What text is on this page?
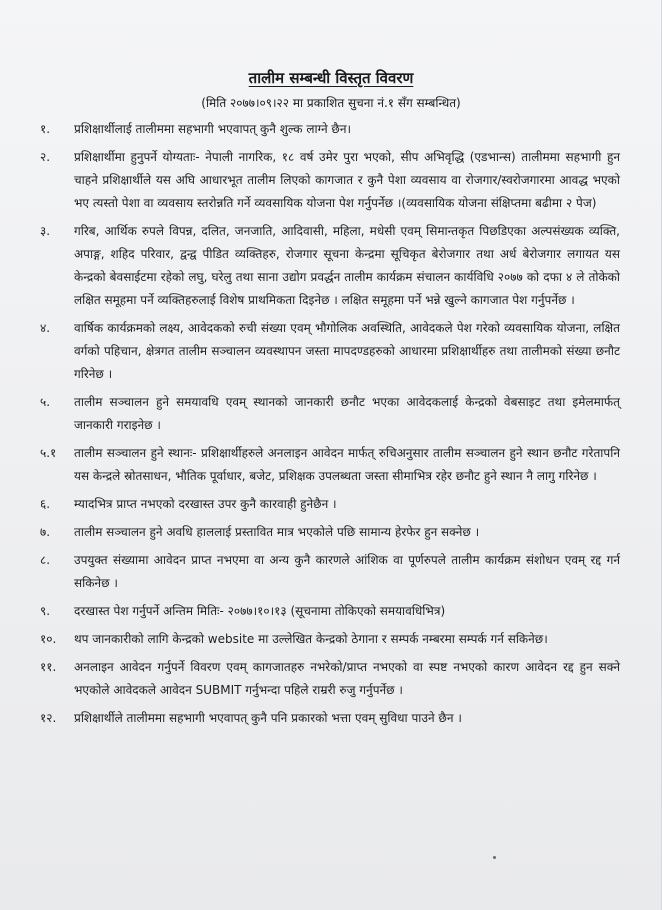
तालीम सम्बन्धी विस्तृत विवरण
(मिति २०७७।०९।२२ मा प्रकाशित सुचना नं.१ सँग सम्बन्धित)
१.	प्रशिक्षार्थीलाई तालीममा सहभागी भएवापत् कुनै शुल्क लाग्ने छैन।
२.	प्रशिक्षार्थीमा हुनुपर्ने योग्यताः- नेपाली नागरिक, १८ वर्ष उमेर पुरा भएको, सीप अभिवृद्धि (एडभान्स) तालीममा सहभागी हुन चाहने प्रशिक्षार्थीले यस अघि आधारभूत तालीम लिएको कागजात र कुनै पेशा व्यवसाय वा रोजगार/स्वरोजगारमा आवद्ध भएको भए त्यस्तो पेशा वा व्यवसाय स्तरोन्नति गर्ने व्यवसायिक योजना पेश गर्नुपर्नेछ ।(व्यवसायिक योजना संक्षिप्तमा बढीमा २ पेज)
३.	गरिब, आर्थिक रुपले विपन्न, दलित, जनजाति, आदिवासी, महिला, मधेसी एवम् सिमान्तकृत पिछडिएका अल्पसंख्यक व्यक्ति, अपाङ्ग, शहिद परिवार, द्वन्द्व पीडित व्यक्तिहरु, रोजगार सूचना केन्द्रमा सूचिकृत बेरोजगार तथा अर्ध बेरोजगार लगायत यस केन्द्रको बेवसाईटमा रहेको लघु, घरेलु तथा साना उद्योग प्रवर्द्धन तालीम कार्यक्रम संचालन कार्यविधि २०७७ को दफा ४ ले तोकेको लक्षित समूहमा पर्ने व्यक्तिहरुलाई विशेष प्राथमिकता दिइनेछ । लक्षित समूहमा पर्ने भन्ने खुल्ने कागजात पेश गर्नुपर्नेछ ।
४.	वार्षिक कार्यक्रमको लक्ष्य, आवेदकको रुची संख्या एवम् भौगोलिक अवस्थिति, आवेदकले पेश गरेको व्यवसायिक योजना, लक्षित वर्गको पहिचान, क्षेत्रगत तालीम सञ्चालन व्यवस्थापन जस्ता मापदण्डहरुको आधारमा प्रशिक्षार्थीहरु तथा तालीमको संख्या छनौट गरिनेछ ।
५.	तालीम सञ्चालन हुने समयावधि एवम् स्थानको जानकारी छनौट भएका आवेदकलाई केन्द्रको वेबसाइट तथा इमेलमार्फत् जानकारी गराइनेछ ।
५.१	तालीम सञ्चालन हुने स्थानः- प्रशिक्षार्थीहरुले अनलाइन आवेदन मार्फत् रुचिअनुसार तालीम सञ्चालन हुने स्थान छनौट गरेतापनि यस केन्द्रले स्रोतसाधन, भौतिक पूर्वाधार, बजेट, प्रशिक्षक उपलब्धता जस्ता सीमाभित्र रहेर छनौट हुने स्थान नै लागु गरिनेछ ।
६.	म्यादभित्र प्राप्त नभएको दरखास्त उपर कुनै कारवाही हुनेछैन ।
७.	तालीम सञ्चालन हुने अवधि हाललाई प्रस्तावित मात्र भएकोले पछि सामान्य हेरफेर हुन सक्नेछ ।
८.	उपयुक्त संख्यामा आवेदन प्राप्त नभएमा वा अन्य कुनै कारणले आंशिक वा पूर्णरुपले तालीम कार्यक्रम संशोधन एवम् रद्द गर्न सकिनेछ ।
९.	दरखास्त पेश गर्नुपर्ने अन्तिम मितिः- २०७७।१०।१३ (सूचनामा तोकिएको समयावधिभित्र)
१०.	थप जानकारीको लागि केन्द्रको website मा उल्लेखित केन्द्रको ठेगाना र सम्पर्क नम्बरमा सम्पर्क गर्न सकिनेछ।
११.	अनलाइन आवेदन गर्नुपर्ने विवरण एवम् कागजातहरु नभरेको/प्राप्त नभएको वा स्पष्ट नभएको कारण आवेदन रद्द हुन सक्ने भएकोले आवेदकले आवेदन SUBMIT गर्नुभन्दा पहिले राम्ररी रुजु गर्नुपर्नेछ ।
१२.	प्रशिक्षार्थीले तालीममा सहभागी भएवापत् कुनै पनि प्रकारको भत्ता एवम् सुविधा पाउने छैन ।
